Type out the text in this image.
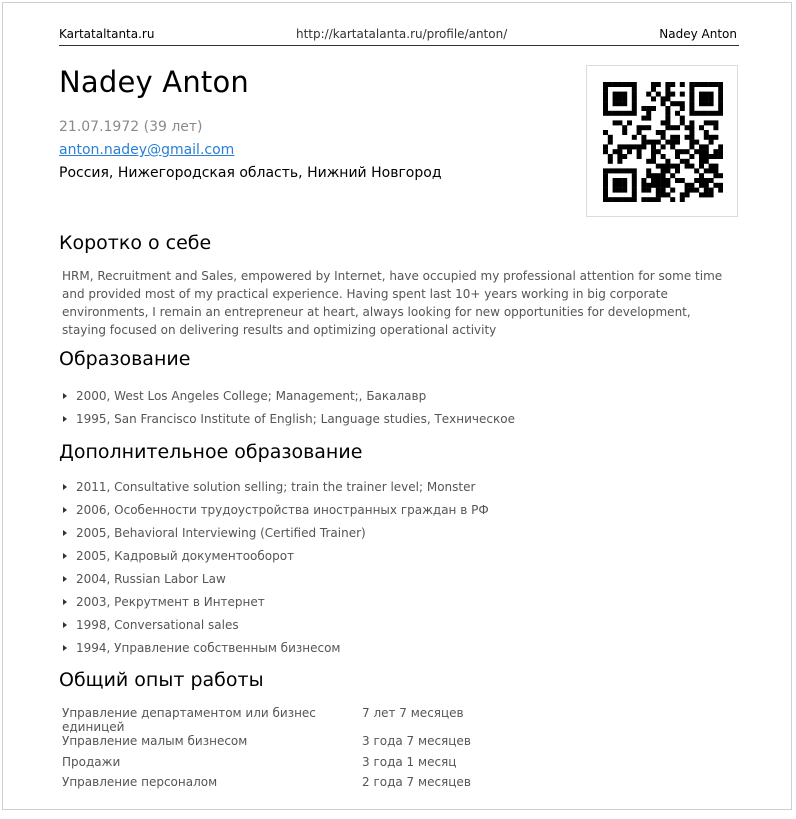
Kartataltanta.ru	http://kartatalanta.ru/profile/anton/	Nadey Anton
Nadey Anton
21.07.1972 (39 лет)
anton.nadey@gmail.com
Россия, Нижегородская область, Нижний Новгород
Коротко о себе
HRM, Recruitment and Sales, empowered by Internet, have occupied my professional attention for some time and provided most of my practical experience. Having spent last 10+ years working in big corporate environments, I remain an entrepreneur at heart, always looking for new opportunities for development, staying focused on delivering results and optimizing operational activity
Образование
2000, West Los Angeles College; Management;, Бакалавр
1995, San Francisco Institute of English; Language studies, Техническое
Дополнительное образование
2011, Consultative solution selling; train the trainer level; Monster
2006, Особенности трудоустройства иностранных граждан в РФ
2005, Behavioral Interviewing (Certified Trainer)
2005, Кадровый документооборот
2004, Russian Labor Law
2003, Рекрутмент в Интернет
1998, Conversational sales
1994, Управление собственным бизнесом
Общий опыт работы
Управление департаментом или бизнес единицей	7 лет 7 месяцев
Управление малым бизнесом	3 года 7 месяцев
Продажи	3 года 1 месяц
Управление персоналом	2 года 7 месяцев
